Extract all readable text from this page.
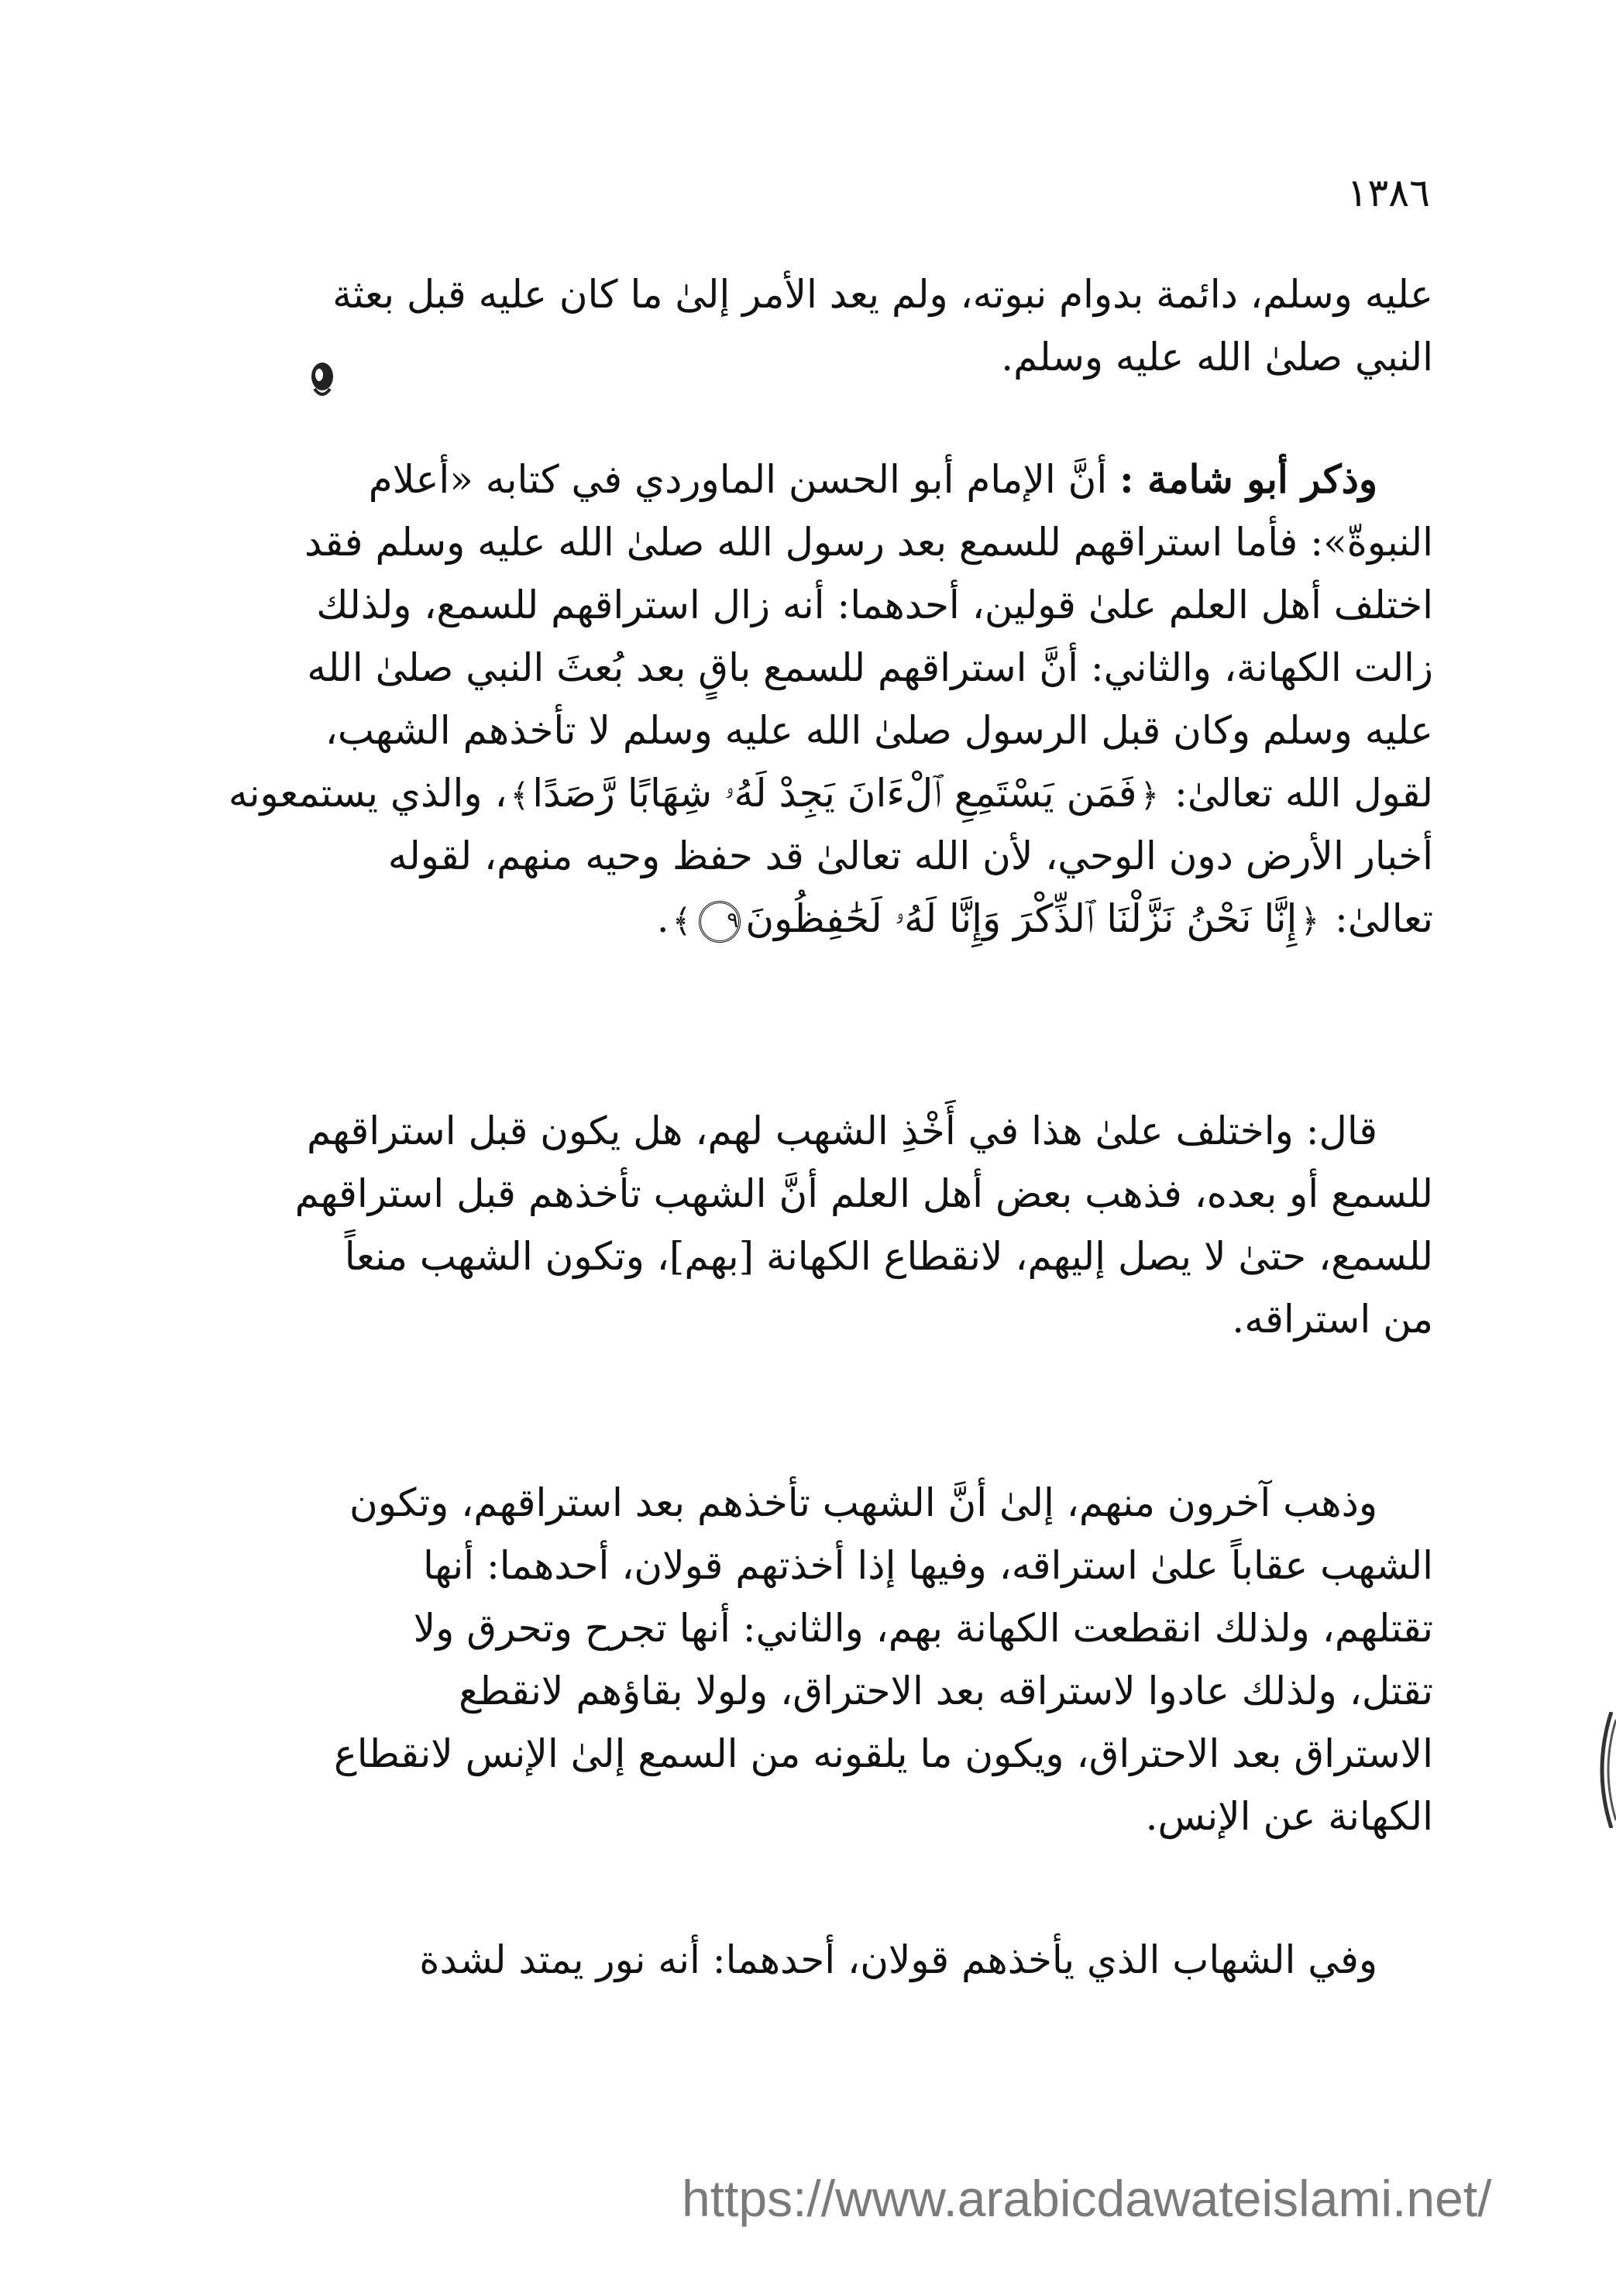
١٣٨٦
عليه وسلم، دائمة بدوام نبوته، ولم يعد الأمر إلىٰ ما كان عليه قبل بعثة
النبي صلىٰ الله عليه وسلم.
وذكر أبو شامة : أنَّ الإمام أبو الحسن الماوردي في كتابه «أعلام
النبوةّ»: فأما استراقهم للسمع بعد رسول الله صلىٰ الله عليه وسلم فقد
اختلف أهل العلم علىٰ قولين، أحدهما: أنه زال استراقهم للسمع، ولذلك
زالت الكهانة، والثاني: أنَّ استراقهم للسمع باقٍ بعد بُعثَ النبي صلىٰ الله
عليه وسلم وكان قبل الرسول صلىٰ الله عليه وسلم لا تأخذهم الشهب،
لقول الله تعالىٰ: ﴿فَمَن يَسْتَمِعِ ٱلْءَانَ يَجِدْ لَهُۥ شِهَابًا رَّصَدًا﴾، والذي يستمعونه
أخبار الأرض دون الوحي، لأن الله تعالىٰ قد حفظ وحيه منهم، لقوله
تعالىٰ: ﴿إِنَّا نَحْنُ نَزَّلْنَا ٱلذِّكْرَ وَإِنَّا لَهُۥ لَحَٰفِظُونَ٩﴾.
قال: واختلف علىٰ هذا في أَخْذِ الشهب لهم، هل يكون قبل استراقهم
للسمع أو بعده، فذهب بعض أهل العلم أنَّ الشهب تأخذهم قبل استراقهم
للسمع، حتىٰ لا يصل إليهم، لانقطاع الكهانة [بهم]، وتكون الشهب منعاً
من استراقه.
وذهب آخرون منهم، إلىٰ أنَّ الشهب تأخذهم بعد استراقهم، وتكون
الشهب عقاباً علىٰ استراقه، وفيها إذا أخذتهم قولان، أحدهما: أنها
تقتلهم، ولذلك انقطعت الكهانة بهم، والثاني: أنها تجرح وتحرق ولا
تقتل، ولذلك عادوا لاستراقه بعد الاحتراق، ولولا بقاؤهم لانقطع
الاستراق بعد الاحتراق، ويكون ما يلقونه من السمع إلىٰ الإنس لانقطاع
الكهانة عن الإنس.
وفي الشهاب الذي يأخذهم قولان، أحدهما: أنه نور يمتد لشدة
https://www.arabicdawateislami.net/
